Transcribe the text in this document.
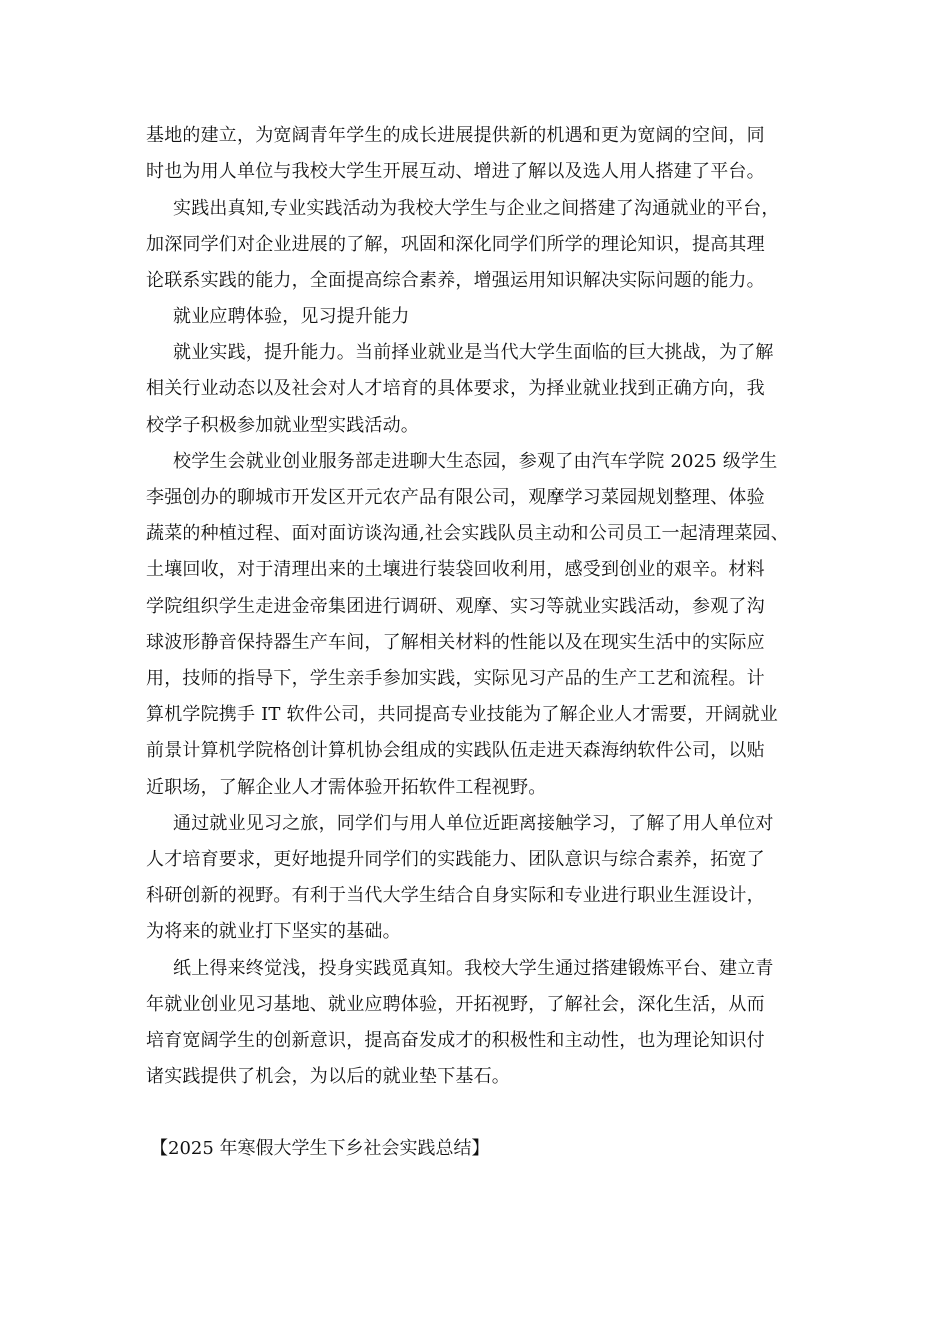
基地的建立，为宽阔青年学生的成长进展提供新的机遇和更为宽阔的空间，同
时也为用人单位与我校大学生开展互动、增进了解以及选人用人搭建了平台。
实践出真知,专业实践活动为我校大学生与企业之间搭建了沟通就业的平台，
加深同学们对企业进展的了解，巩固和深化同学们所学的理论知识，提高其理
论联系实践的能力，全面提高综合素养，增强运用知识解决实际问题的能力。
就业应聘体验，见习提升能力
就业实践，提升能力。当前择业就业是当代大学生面临的巨大挑战，为了解
相关行业动态以及社会对人才培育的具体要求，为择业就业找到正确方向，我
校学子积极参加就业型实践活动。
校学生会就业创业服务部走进聊大生态园，参观了由汽车学院 2025 级学生
李强创办的聊城市开发区开元农产品有限公司，观摩学习菜园规划整理、体验
蔬菜的种植过程、面对面访谈沟通,社会实践队员主动和公司员工一起清理菜园、
土壤回收，对于清理出来的土壤进行装袋回收利用，感受到创业的艰辛。材料
学院组织学生走进金帝集团进行调研、观摩、实习等就业实践活动，参观了沟
球波形静音保持器生产车间，了解相关材料的性能以及在现实生活中的实际应
用，技师的指导下，学生亲手参加实践，实际见习产品的生产工艺和流程。计
算机学院携手 IT 软件公司，共同提高专业技能为了解企业人才需要，开阔就业
前景计算机学院格创计算机协会组成的实践队伍走进天森海纳软件公司，以贴
近职场，了解企业人才需体验开拓软件工程视野。
通过就业见习之旅，同学们与用人单位近距离接触学习，了解了用人单位对
人才培育要求，更好地提升同学们的实践能力、团队意识与综合素养，拓宽了
科研创新的视野。有利于当代大学生结合自身实际和专业进行职业生涯设计，
为将来的就业打下坚实的基础。
纸上得来终觉浅，投身实践觅真知。我校大学生通过搭建锻炼平台、建立青
年就业创业见习基地、就业应聘体验，开拓视野，了解社会，深化生活，从而
培育宽阔学生的创新意识，提高奋发成才的积极性和主动性，也为理论知识付
诸实践提供了机会，为以后的就业垫下基石。
【2025 年寒假大学生下乡社会实践总结】
